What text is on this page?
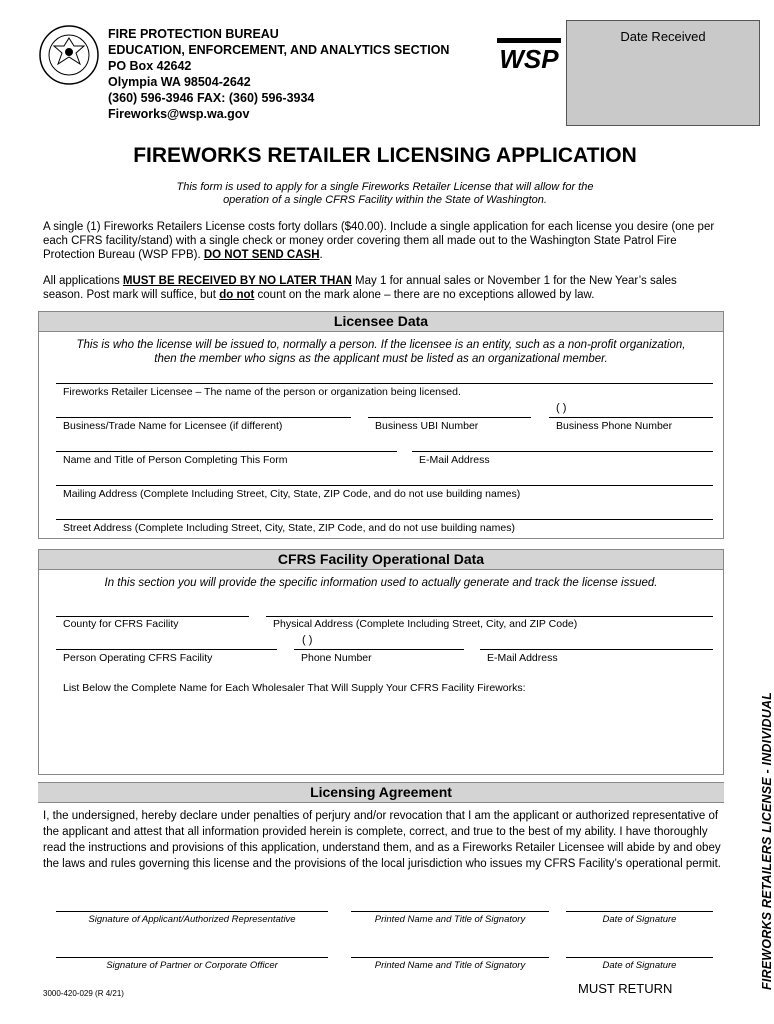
FIRE PROTECTION BUREAU
EDUCATION, ENFORCEMENT, AND ANALYTICS SECTION
PO Box 42642
Olympia WA 98504-2642
(360) 596-3946 FAX: (360) 596-3934
Fireworks@wsp.wa.gov
WSP
Date Received
FIREWORKS RETAILER LICENSING APPLICATION
This form is used to apply for a single Fireworks Retailer License that will allow for the
operation of a single CFRS Facility within the State of Washington.
A single (1) Fireworks Retailers License costs forty dollars ($40.00). Include a single application for each license you desire (one per each CFRS facility/stand) with a single check or money order covering them all made out to the Washington State Patrol Fire Protection Bureau (WSP FPB). DO NOT SEND CASH.
All applications MUST BE RECEIVED BY NO LATER THAN May 1 for annual sales or November 1 for the New Year’s sales season. Post mark will suffice, but do not count on the mark alone – there are no exceptions allowed by law.
Licensee Data
This is who the license will be issued to, normally a person. If the licensee is an entity, such as a non-profit organization,
then the member who signs as the applicant must be listed as an organizational member.
Fireworks Retailer Licensee – The name of the person or organization being licensed.
( )
Business/Trade Name for Licensee (if different)	Business UBI Number	Business Phone Number
Name and Title of Person Completing This Form	E-Mail Address
Mailing Address (Complete Including Street, City, State, ZIP Code, and do not use building names)
Street Address (Complete Including Street, City, State, ZIP Code, and do not use building names)
CFRS Facility Operational Data
In this section you will provide the specific information used to actually generate and track the license issued.
County for CFRS Facility	Physical Address (Complete Including Street, City, and ZIP Code)
( )
Person Operating CFRS Facility	Phone Number	E-Mail Address
List Below the Complete Name for Each Wholesaler That Will Supply Your CFRS Facility Fireworks:
Licensing Agreement
I, the undersigned, hereby declare under penalties of perjury and/or revocation that I am the applicant or authorized representative of the applicant and attest that all information provided herein is complete, correct, and true to the best of my ability. I have thoroughly read the instructions and provisions of this application, understand them, and as a Fireworks Retailer Licensee will abide by and obey the laws and rules governing this license and the provisions of the local jurisdiction who issues my CFRS Facility’s operational permit.
Signature of Applicant/Authorized Representative	Printed Name and Title of Signatory	Date of Signature
Signature of Partner or Corporate Officer	Printed Name and Title of Signatory	Date of Signature
3000-420-029 (R 4/21)	MUST RETURN	FIREWORKS RETAILERS LICENSE - INDIVIDUAL
